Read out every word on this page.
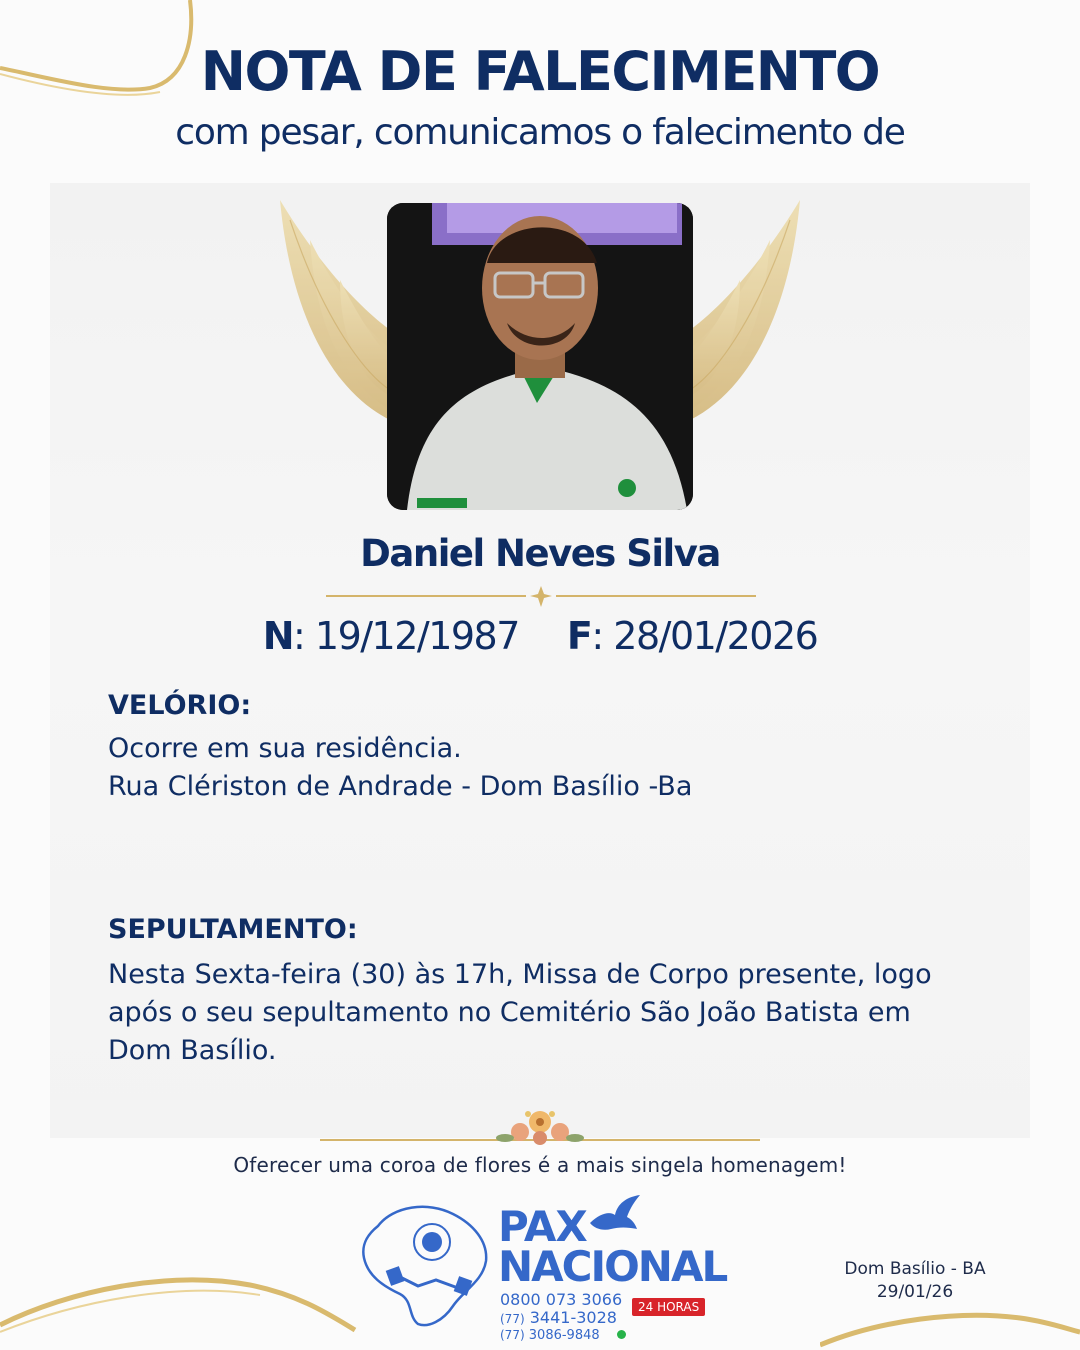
NOTA DE FALECIMENTO
com pesar, comunicamos o falecimento de
Daniel Neves Silva
N: 19/12/1987 F: 28/01/2026
VELÓRIO:
Ocorre em sua residência.
Rua Clériston de Andrade - Dom Basílio -Ba
SEPULTAMENTO:
Nesta Sexta-feira (30) às 17h, Missa de Corpo presente, logo
após o seu sepultamento no Cemitério São João Batista em
Dom Basílio.
Oferecer uma coroa de flores é a mais singela homenagem!
PAX
NACIONAL
0800 073 3066
(77) 3441-3028
(77) 3086-9848
24 HORAS
Dom Basílio - BA
29/01/26
